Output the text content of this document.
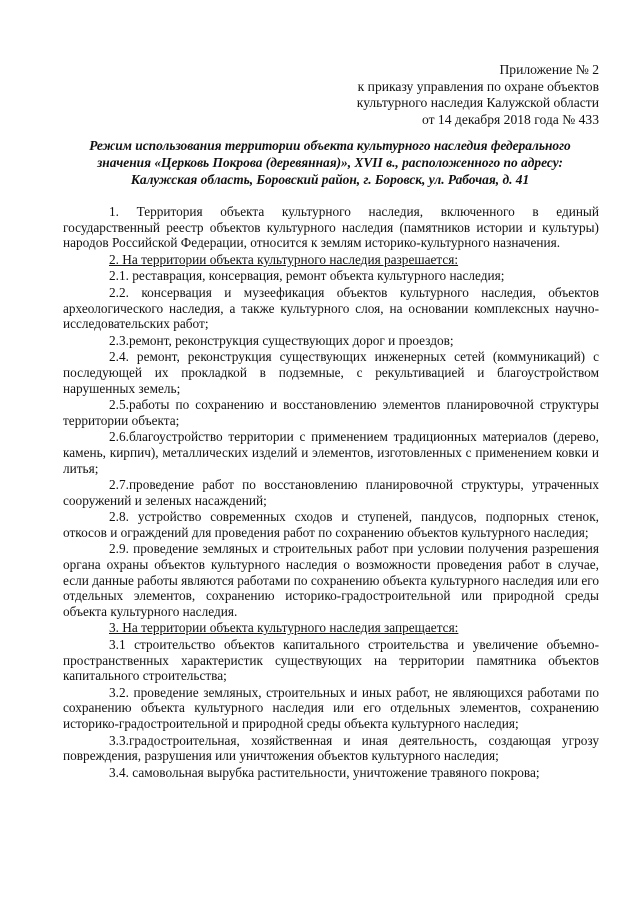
Приложение № 2
к приказу управления по охране объектов
культурного наследия Калужской области
от 14 декабря 2018 года № 433
Режим использования территории объекта культурного наследия федерального значения «Церковь Покрова (деревянная)», XVII в., расположенного по адресу: Калужская область, Боровский район, г. Боровск, ул. Рабочая, д. 41

1. Территория объекта культурного наследия, включенного в единый государственный реестр объектов культурного наследия (памятников истории и культуры) народов Российской Федерации, относится к землям историко-культурного назначения.

2. На территории объекта культурного наследия разрешается:

2.1. реставрация, консервация, ремонт объекта культурного наследия;

2.2. консервация и музеефикация объектов культурного наследия, объектов археологического наследия, а также культурного слоя, на основании комплексных научно-исследовательских работ;

2.3.ремонт, реконструкция существующих дорог и проездов;

2.4. ремонт, реконструкция существующих инженерных сетей (коммуникаций) с последующей их прокладкой в подземные, с рекультивацией и благоустройством нарушенных земель;

2.5.работы по сохранению и восстановлению элементов планировочной структуры территории объекта;

2.6.благоустройство территории с применением традиционных материалов (дерево, камень, кирпич), металлических изделий и элементов, изготовленных с применением ковки и литья;

2.7.проведение работ по восстановлению планировочной структуры, утраченных сооружений и зеленых насаждений;

2.8. устройство современных сходов и ступеней, пандусов, подпорных стенок, откосов и ограждений для проведения работ по сохранению объектов культурного наследия;

2.9. проведение земляных и строительных работ при условии получения разрешения органа охраны объектов культурного наследия о возможности проведения работ в случае, если данные работы являются работами по сохранению объекта культурного наследия или его отдельных элементов, сохранению историко-градостроительной или природной среды объекта культурного наследия.

3. На территории объекта культурного наследия запрещается:

3.1 строительство объектов капитального строительства и увеличение объемно-пространственных характеристик существующих на территории памятника объектов капитального строительства;

3.2. проведение земляных, строительных и иных работ, не являющихся работами по сохранению объекта культурного наследия или его отдельных элементов, сохранению историко-градостроительной и природной среды объекта культурного наследия;

3.3.градостроительная, хозяйственная и иная деятельность, создающая угрозу повреждения, разрушения или уничтожения объектов культурного наследия;

3.4. самовольная вырубка растительности, уничтожение травяного покрова;
